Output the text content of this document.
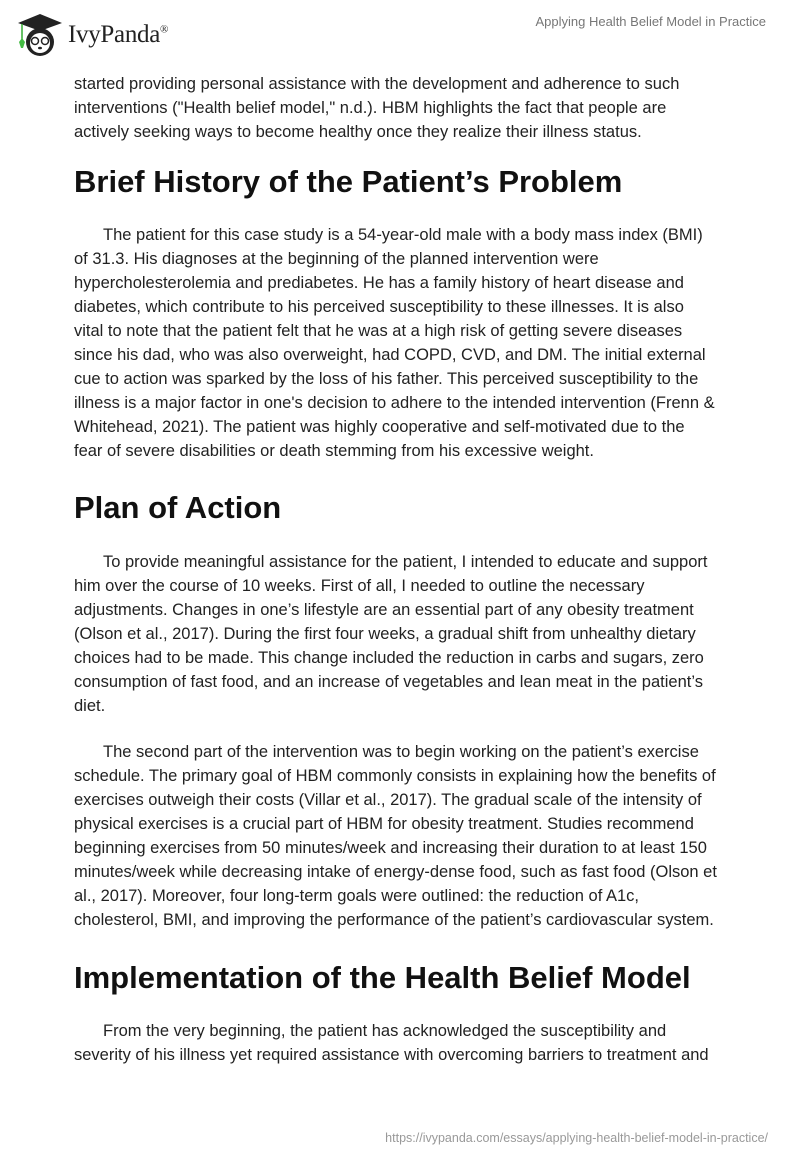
IvyPanda®
Applying Health Belief Model in Practice
started providing personal assistance with the development and adherence to such
interventions ("Health belief model," n.d.). HBM highlights the fact that people are
actively seeking ways to become healthy once they realize their illness status.
Brief History of the Patient’s Problem
The patient for this case study is a 54-year-old male with a body mass index (BMI)
of 31.3. His diagnoses at the beginning of the planned intervention were
hypercholesterolemia and prediabetes. He has a family history of heart disease and
diabetes, which contribute to his perceived susceptibility to these illnesses. It is also
vital to note that the patient felt that he was at a high risk of getting severe diseases
since his dad, who was also overweight, had COPD, CVD, and DM. The initial external
cue to action was sparked by the loss of his father. This perceived susceptibility to the
illness is a major factor in one's decision to adhere to the intended intervention (Frenn &
Whitehead, 2021). The patient was highly cooperative and self-motivated due to the
fear of severe disabilities or death stemming from his excessive weight.
Plan of Action
To provide meaningful assistance for the patient, I intended to educate and support
him over the course of 10 weeks. First of all, I needed to outline the necessary
adjustments. Changes in one’s lifestyle are an essential part of any obesity treatment
(Olson et al., 2017). During the first four weeks, a gradual shift from unhealthy dietary
choices had to be made. This change included the reduction in carbs and sugars, zero
consumption of fast food, and an increase of vegetables and lean meat in the patient’s
diet.
The second part of the intervention was to begin working on the patient’s exercise
schedule. The primary goal of HBM commonly consists in explaining how the benefits of
exercises outweigh their costs (Villar et al., 2017). The gradual scale of the intensity of
physical exercises is a crucial part of HBM for obesity treatment. Studies recommend
beginning exercises from 50 minutes/week and increasing their duration to at least 150
minutes/week while decreasing intake of energy-dense food, such as fast food (Olson et
al., 2017). Moreover, four long-term goals were outlined: the reduction of A1c,
cholesterol, BMI, and improving the performance of the patient’s cardiovascular system.
Implementation of the Health Belief Model
From the very beginning, the patient has acknowledged the susceptibility and
severity of his illness yet required assistance with overcoming barriers to treatment and
https://ivypanda.com/essays/applying-health-belief-model-in-practice/
